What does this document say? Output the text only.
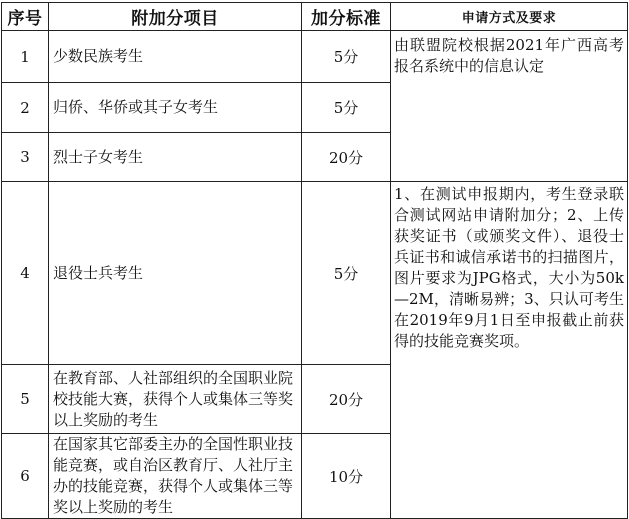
序号	附加分项目	加分标准	申请方式及要求
1	少数民族考生	5分	由联盟院校根据2021年广西高考报名系统中的信息认定
2	归侨、华侨或其子女考生	5分	
3	烈士子女考生	20分	
4	退役士兵考生	5分	1、在测试申报期内，考生登录联合测试网站申请附加分；2、上传获奖证书（或颁奖文件）、退役士兵证书和诚信承诺书的扫描图片，图片要求为JPG格式，大小为50k—2M，清晰易辨；3、只认可考生在2019年9月1日至申报截止前获得的技能竞赛奖项。
5	在教育部、人社部组织的全国职业院校技能大赛，获得个人或集体三等奖以上奖励的考生	20分	
6	在国家其它部委主办的全国性职业技能竞赛，或自治区教育厅、人社厅主办的技能竞赛，获得个人或集体三等奖以上奖励的考生	10分	
